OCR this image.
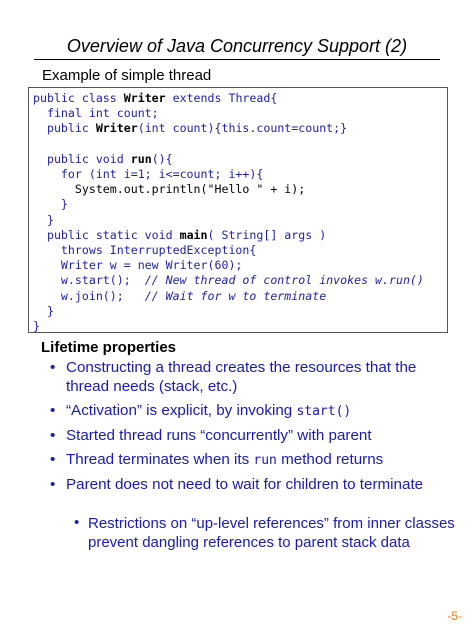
Overview of Java Concurrency Support (2)
Example of simple thread
public class Writer extends Thread{
final int count;
public Writer(int count){this.count=count;}

public void run(){
for (int i=1; i<=count; i++){
System.out.println("Hello " + i);
}
}
public static void main( String[] args )
throws InterruptedException{
Writer w = new Writer(60);
w.start();  // New thread of control invokes w.run()
w.join();   // Wait for w to terminate
}
}
Lifetime properties
• Constructing a thread creates the resources that the thread needs (stack, etc.)
• “Activation” is explicit, by invoking start()
• Started thread runs “concurrently” with parent
• Thread terminates when its run method returns
• Parent does not need to wait for children to terminate
• Restrictions on “up-level references” from inner classes prevent dangling references to parent stack data
-5-
